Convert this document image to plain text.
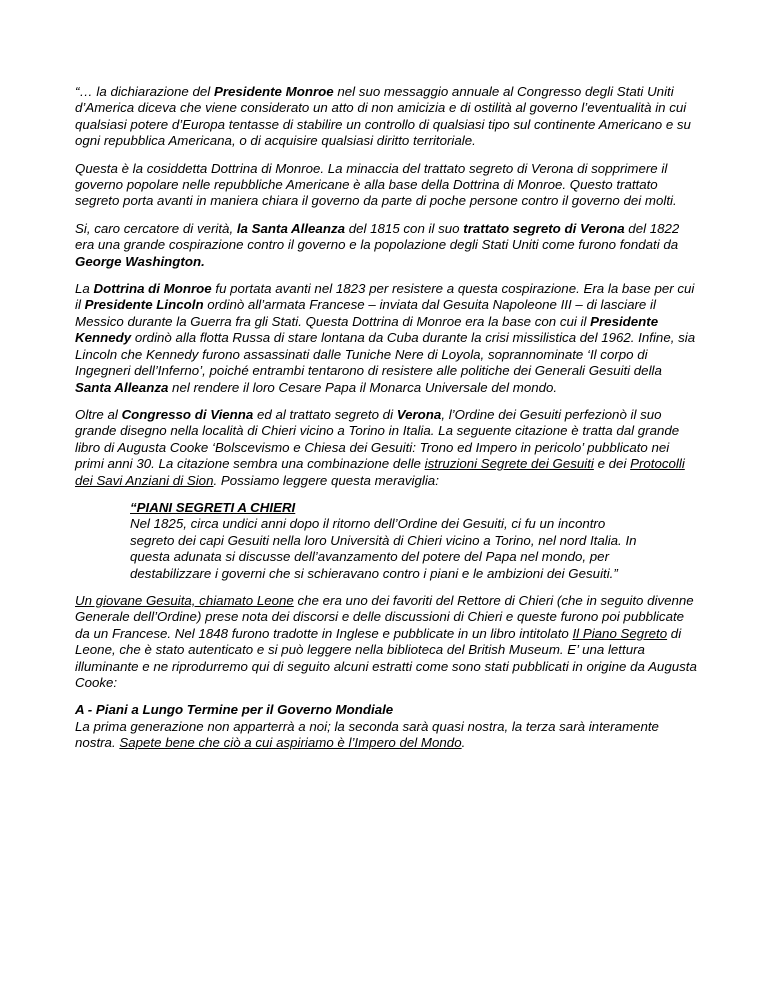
“… la dichiarazione del Presidente Monroe nel suo messaggio annuale al Congresso degli Stati Uniti d’America diceva che viene considerato un atto di non amicizia e di ostilità al governo l’eventualità in cui qualsiasi potere d’Europa tentasse di stabilire un controllo di qualsiasi tipo sul continente Americano e su ogni repubblica Americana, o di acquisire qualsiasi diritto territoriale.

Questa è la cosiddetta Dottrina di Monroe. La minaccia del trattato segreto di Verona di sopprimere il governo popolare nelle repubbliche Americane è alla base della Dottrina di Monroe. Questo trattato segreto porta avanti in maniera chiara il governo da parte di poche persone contro il governo dei molti.

Si, caro cercatore di verità, la Santa Alleanza del 1815 con il suo trattato segreto di Verona del 1822 era una grande cospirazione contro il governo e la popolazione degli Stati Uniti come furono fondati da George Washington.

La Dottrina di Monroe fu portata avanti nel 1823 per resistere a questa cospirazione. Era la base per cui il Presidente Lincoln ordinò all’armata Francese – inviata dal Gesuita Napoleone III – di lasciare il Messico durante la Guerra fra gli Stati. Questa Dottrina di Monroe era la base con cui il Presidente Kennedy ordinò alla flotta Russa di stare lontana da Cuba durante la crisi missilistica del 1962. Infine, sia Lincoln che Kennedy furono assassinati dalle Tuniche Nere di Loyola, soprannominate ‘Il corpo di Ingegneri dell’Inferno’, poiché entrambi tentarono di resistere alle politiche dei Generali Gesuiti della Santa Alleanza nel rendere il loro Cesare Papa il Monarca Universale del mondo.

Oltre al Congresso di Vienna ed al trattato segreto di Verona, l’Ordine dei Gesuiti perfezionò il suo grande disegno nella località di Chieri vicino a Torino in Italia. La seguente citazione è tratta dal grande libro di Augusta Cooke ‘Bolscevismo e Chiesa dei Gesuiti: Trono ed Impero in pericolo’ pubblicato nei primi anni 30. La citazione sembra una combinazione delle istruzioni Segrete dei Gesuiti e dei Protocolli dei Savi Anziani di Sion. Possiamo leggere questa meraviglia:

“PIANI SEGRETI A CHIERI
Nel 1825, circa undici anni dopo il ritorno dell’Ordine dei Gesuiti, ci fu un incontro segreto dei capi Gesuiti nella loro Università di Chieri vicino a Torino, nel nord Italia. In questa adunata si discusse dell’avanzamento del potere del Papa nel mondo, per destabilizzare i governi che si schieravano contro i piani e le ambizioni dei Gesuiti.”

Un giovane Gesuita, chiamato Leone che era uno dei favoriti del Rettore di Chieri (che in seguito divenne Generale dell’Ordine) prese nota dei discorsi e delle discussioni di Chieri e queste furono poi pubblicate da un Francese. Nel 1848 furono tradotte in Inglese e pubblicate in un libro intitolato Il Piano Segreto di Leone, che è stato autenticato e si può leggere nella biblioteca del British Museum. E’ una lettura illuminante e ne riprodurremo qui di seguito alcuni estratti come sono stati pubblicati in origine da Augusta Cooke:

A - Piani a Lungo Termine per il Governo Mondiale
La prima generazione non apparterrà a noi; la seconda sarà quasi nostra, la terza sarà interamente nostra. Sapete bene che ciò a cui aspiriamo è l’Impero del Mondo.
